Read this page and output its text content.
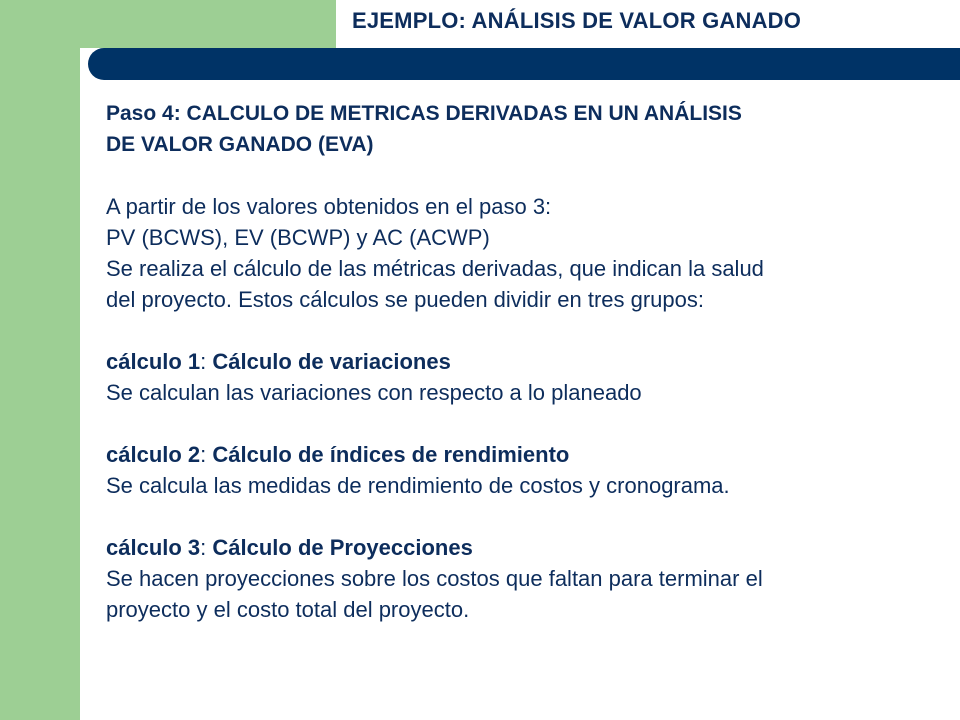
EJEMPLO: ANÁLISIS DE VALOR GANADO

Paso 4: CALCULO DE METRICAS DERIVADAS EN UN ANÁLISIS

DE VALOR GANADO (EVA)

A partir de los valores obtenidos en el paso 3:

PV (BCWS), EV (BCWP) y AC (ACWP)

Se realiza el cálculo de las métricas derivadas, que indican la salud

del proyecto. Estos cálculos se pueden dividir en tres grupos:

cálculo 1: Cálculo de variaciones

Se calculan las variaciones con respecto a lo planeado

cálculo 2: Cálculo de índices de rendimiento

Se calcula las medidas de rendimiento de costos y cronograma.

cálculo 3: Cálculo de Proyecciones

Se hacen proyecciones sobre los costos que faltan para terminar el

proyecto y el costo total del proyecto.
